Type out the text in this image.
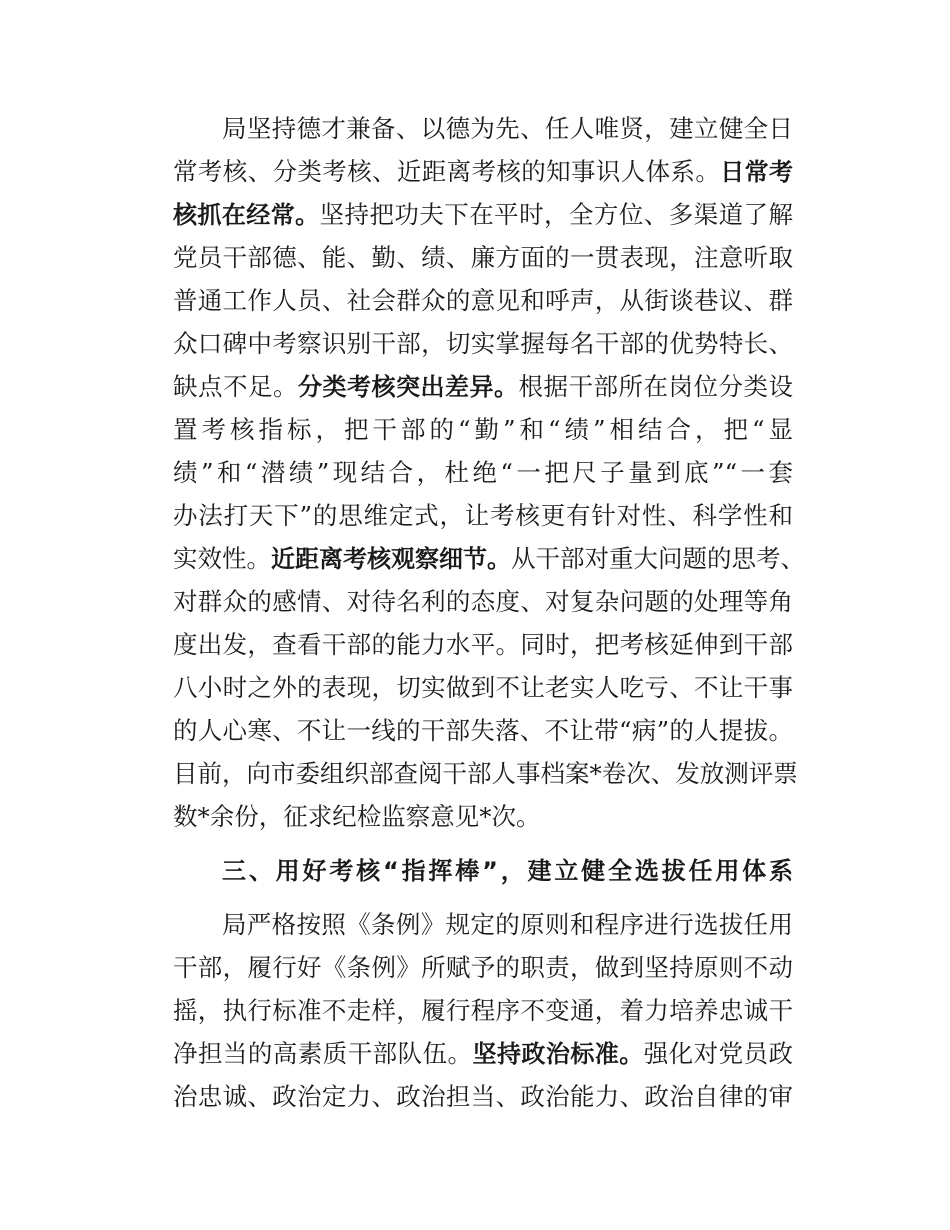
局坚持德才兼备、以德为先、任人唯贤，建立健全日
常考核、分类考核、近距离考核的知事识人体系。日常考
核抓在经常。坚持把功夫下在平时，全方位、多渠道了解
党员干部德、能、勤、绩、廉方面的一贯表现，注意听取
普通工作人员、社会群众的意见和呼声，从街谈巷议、群
众口碑中考察识别干部，切实掌握每名干部的优势特长、
缺点不足。分类考核突出差异。根据干部所在岗位分类设
置考核指标，把干部的“勤”和“绩”相结合，把“显
绩”和“潜绩”现结合，杜绝“一把尺子量到底”“一套
办法打天下”的思维定式，让考核更有针对性、科学性和
实效性。近距离考核观察细节。从干部对重大问题的思考、
对群众的感情、对待名利的态度、对复杂问题的处理等角
度出发，查看干部的能力水平。同时，把考核延伸到干部
八小时之外的表现，切实做到不让老实人吃亏、不让干事
的人心寒、不让一线的干部失落、不让带“病”的人提拔。
目前，向市委组织部查阅干部人事档案*卷次、发放测评票
数*余份，征求纪检监察意见*次。
三、用好考核“指挥棒”，建立健全选拔任用体系
局严格按照《条例》规定的原则和程序进行选拔任用
干部，履行好《条例》所赋予的职责，做到坚持原则不动
摇，执行标准不走样，履行程序不变通，着力培养忠诚干
净担当的高素质干部队伍。坚持政治标准。强化对党员政
治忠诚、政治定力、政治担当、政治能力、政治自律的审
